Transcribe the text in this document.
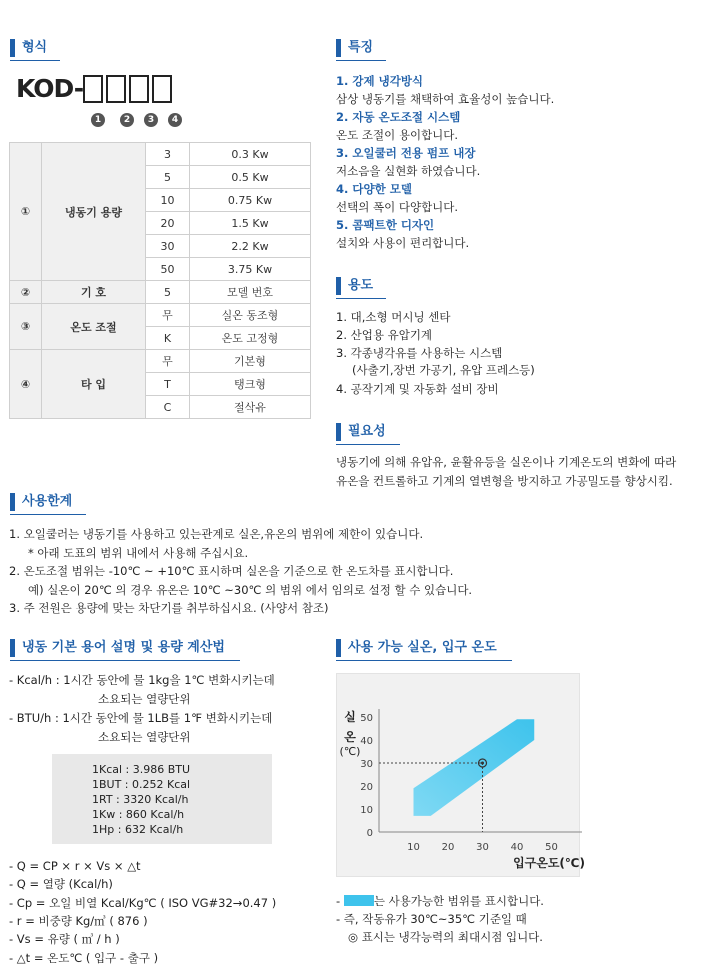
형식
KOD-
1	2	3	4
①	냉동기 용량	3	0.3 Kw
		5	0.5 Kw
		10	0.75 Kw
		20	1.5 Kw
		30	2.2 Kw
		50	3.75 Kw
②	기 호	5	모델 번호
③	온도 조절	무	실온 동조형
		K	온도 고정형
④	타 입	무	기본형
		T	탱크형
		C	절삭유
특징
1. 강제 냉각방식
삼상 냉동기를 채택하여 효율성이 높습니다.
2. 자동 온도조절 시스템
온도 조절이 용이합니다.
3. 오일쿨러 전용 펌프 내장
저소음을 실현화 하였습니다.
4. 다양한 모델
선택의 폭이 다양합니다.
5. 콤팩트한 디자인
설치와 사용이 편리합니다.
용도
1. 대,소형 머시닝 센타
2. 산업용 유압기계
3. 각종냉각유를 사용하는 시스템
(사출기,장번 가공기, 유압 프레스등)
4. 공작기계 및 자동화 설비 장비
필요성
냉동기에 의해 유압유, 윤활유등을 실온이나 기계온도의 변화에 따라
유온을 컨트롤하고 기계의 열변형을 방지하고 가공밀도를 향상시킴.
사용한계
1. 오일쿨러는 냉동기를 사용하고 있는관계로 실온,유온의 범위에 제한이 있습니다.
* 아래 도표의 범위 내에서 사용해 주십시요.
2. 온도조절 범위는 -10℃ ~ +10℃ 표시하며 실온을 기준으로 한 온도차를 표시합니다.
예) 실온이 20℃ 의 경우 유온은 10℃ ~30℃ 의 범위 에서 임의로 설정 할 수 있습니다.
3. 주 전원은 용량에 맞는 차단기를 취부하십시요. (사양서 참조)
냉동 기본 용어 설명 및 용량 계산법
- Kcal/h : 1시간 동안에 물 1kg을 1℃ 변화시키는데
소요되는 열량단위
- BTU/h : 1시간 동안에 물 1LB를 1℉ 변화시키는데
소요되는 열량단위
1Kcal : 3.986 BTU
1BUT : 0.252 Kcal
1RT : 3320 Kcal/h
1Kw : 860 Kcal/h
1Hp : 632 Kcal/h
- Q = CP × r × Vs × △t
- Q = 열량 (Kcal/h)
- Cp = 오일 비열 Kcal/Kg℃ ( ISO VG#32→0.47 )
- r = 비중량 Kg/㎥ ( 876 )
- Vs = 유량 ( ㎥ / h )
- △t = 온도℃ ( 입구 - 출구 )
사용 가능 실온, 입구 온도
0
10
20
30
40
50
10 20 30 40 50
실
온
(℃)
입구온도(℃)
-	는 사용가능한 범위를 표시합니다.
- 즉, 작동유가 30℃~35℃ 기준일 때
◎ 표시는 냉각능력의 최대시점 입니다.
